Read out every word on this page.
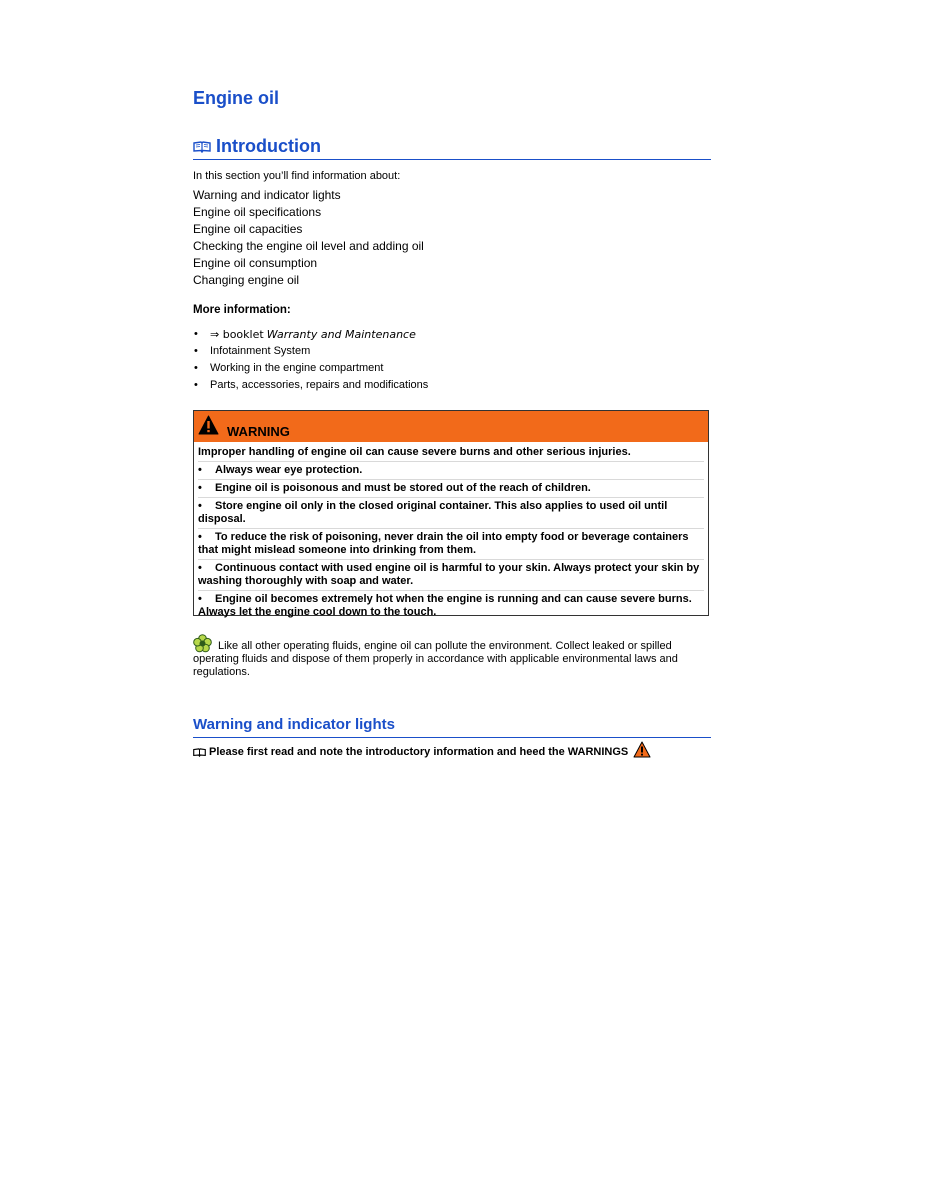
Engine oil
Introduction
In this section you’ll find information about:
Warning and indicator lights
Engine oil specifications
Engine oil capacities
Checking the engine oil level and adding oil
Engine oil consumption
Changing engine oil
More information:
• ⇒ booklet Warranty and Maintenance
• Infotainment System
• Working in the engine compartment
• Parts, accessories, repairs and modifications
WARNING
Improper handling of engine oil can cause severe burns and other serious injuries.
• Always wear eye protection.
• Engine oil is poisonous and must be stored out of the reach of children.
• Store engine oil only in the closed original container. This also applies to used oil until disposal.
• To reduce the risk of poisoning, never drain the oil into empty food or beverage containers that might mislead someone into drinking from them.
• Continuous contact with used engine oil is harmful to your skin. Always protect your skin by washing thoroughly with soap and water.
• Engine oil becomes extremely hot when the engine is running and can cause severe burns. Always let the engine cool down to the touch.
Like all other operating fluids, engine oil can pollute the environment. Collect leaked or spilled operating fluids and dispose of them properly in accordance with applicable environmental laws and regulations.
Warning and indicator lights
Please first read and note the introductory information and heed the WARNINGS
